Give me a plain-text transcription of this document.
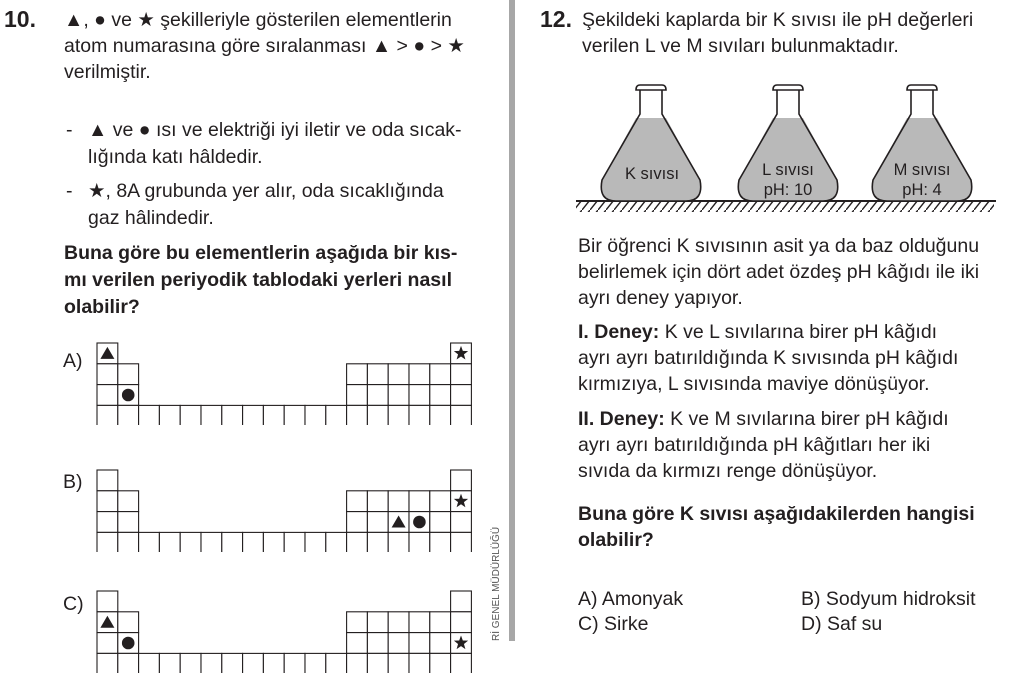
10. ▲, ● ve ★ şekilleriyle gösterilen elementlerin
atom numarasına göre sıralanması ▲ > ● > ★
verilmiştir.
- ▲ ve ● ısı ve elektriği iyi iletir ve oda sıcak-
lığında katı hâldedir.
- ★, 8A grubunda yer alır, oda sıcaklığında
gaz hâlindedir.
Buna göre bu elementlerin aşağıda bir kıs-
mı verilen periyodik tablodaki yerleri nasıl
olabilir?
A)
B)
C)	Rİ GENEL MÜDÜRLÜĞÜ
12. Şekildeki kaplarda bir K sıvısı ile pH değerleri
verilen L ve M sıvıları bulunmaktadır.
K sıvısı	L sıvısı
pH: 10
M sıvısı
pH: 4
Bir öğrenci K sıvısının asit ya da baz olduğunu
belirlemek için dört adet özdeş pH kâğıdı ile iki
ayrı deney yapıyor.
I. Deney: K ve L sıvılarına birer pH kâğıdı
ayrı ayrı batırıldığında K sıvısında pH kâğıdı
kırmızıya, L sıvısında maviye dönüşüyor.
II. Deney: K ve M sıvılarına birer pH kâğıdı
ayrı ayrı batırıldığında pH kâğıtları her iki
sıvıda da kırmızı renge dönüşüyor.
Buna göre K sıvısı aşağıdakilerden hangisi
olabilir?
A) Amonyak	B) Sodyum hidroksit
C) Sirke	D) Saf su
